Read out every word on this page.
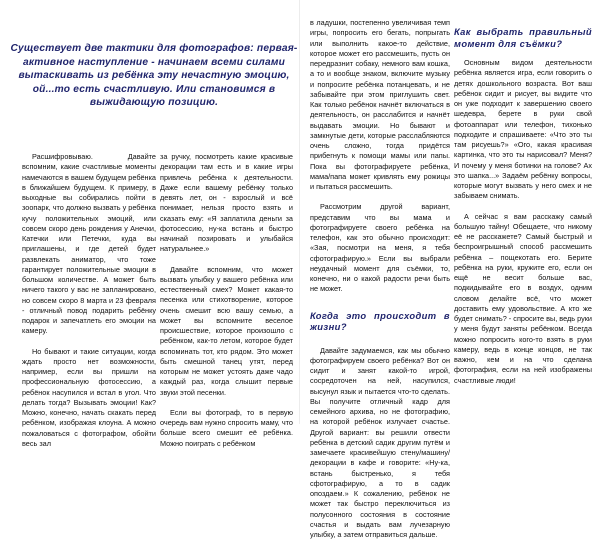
Существует две тактики для фотографов: первая- активное наступление - начинаем всеми силами вытаскивать из ребёнка эту нечастную эмоцию, ой...то есть счастливую. Или становимся в выжидающую позицию.

Расшифровываю. Давайте вспомним, какие счастливые моменты намечаются в вашем будущем ребёнка в ближайшем будущем. К примеру, в выходные вы собирались пойти в зоопарк, что должно вызвать у ребёнка кучу положительных эмоций, или совсем скоро день рождения у Анечки, Катечки или Петечки, куда вы приглашены, и где детей будет развлекать аниматор, что тоже гарантирует положительные эмоции в большом количестве. А может быть ничего такого у вас не запланировано, но совсем скоро 8 марта и 23 февраля - отличный повод подарить ребёнку подарок и запечатлеть его эмоции на камеру.

Но бывают и такие ситуации, когда ждать просто нет возможности, например, если вы пришли на профессиональную фотосессию, а ребёнок насупился и встал в угол. Что делать тогда? Вызывать эмоции! Как? Можно, конечно, начать скакать перед ребёнком, изображая клоуна. А можно пожаловаться с фотографом, обойти весь зал

за ручку, посмотреть какие красивые декорации там есть и в какие игры привлечь ребёнка к деятельности. Даже если вашему ребёнку только девять лет, он - взрослый и всё понимает, нельзя просто взять и сказать ему: «Я заплатила деньги за фотосессию, ну-ка встань и быстро начинай позировать и улыбайся натуральнее.»

Давайте вспомним, что может вызвать улыбку у вашего ребёнка или естественный смех? Может какая-то песенка или стихотворение, которое очень смешит всю вашу семью, а может вы вспомните веселое происшествие, которое произошло с ребёнком, как-то летом, которое будет вспоминать тот, кто рядом. Это может быть смешной танец утят, перед которым не может устоять даже чадо каждый раз, когда слышит первые звуки этой песенки.

Если вы фотограф, то в первую очередь вам нужно спросить маму, что больше всего смешит её ребёнка. Можно поиграть с ребёнком

в ладушки, постепенно увеличивая темп игры, попросить его бегать, попрыгать или выполнить какое-то действие, которое может его рассмешить, пусть он передразнит собаку, немного вам кошка, а то и вообще знаком, включите музыку и попросите ребёнка потанцевать, и не забывайте при этом приглушить свет. Как только ребёнок начнёт включаться в деятельность, он расслабится и начнёт выдавать эмоции. Но бывают и замкнутые дети, которые расслабляются очень сложно, тогда придётся прибегнуть к помощи мамы или папы. Пока вы фотографируете ребёнка, мама/папа может кривлять ему рожицы и пытаться рассмешить.

Рассмотрим другой вариант, представим что вы мама и фотографируете своего ребёнка на телефон, как это обычно происходит: «Зая, посмотри на меня, я тебя сфотографирую.» Если вы выбрали неудачный момент для съёмки, то, конечно, ни о какой радости речи быть не может.

Когда это происходит в жизни?

Давайте задумаемся, как мы обычно фотографируем своего ребёнка? Вот он сидит и занят какой-то игрой, сосредоточен на ней, насупился, высунул язык и пытается что-то сделать. Вы получите отличный кадр для семейного архива, но не фотографию, на которой ребёнок излучает счастье. Другой вариант: вы решили отвести ребёнка в детский садик другим путём и замечаете красивейшую стену/машину/декорации в кафе и говорите: «Ну-ка, встань быстренько, я тебя сфотографирую, а то в садик опоздаем.» К сожалению, ребёнок не может так быстро переключиться из полусонного состояния в состояние счастья и выдать вам лучезарную улыбку, а затем отправиться дальше.

Как выбрать правильный момент для съёмки?

Основным видом деятельности ребёнка является игра, если говорить о детях дошкольного возраста. Вот ваш ребёнок сидит и рисует, вы видите что он уже подходит к завершению своего шедевра, берете в руки свой фотоаппарат или телефон, тихонько подходите и спрашиваете: «Что это ты там рисуешь?» «Ого, какая красивая картинка, что это ты нарисовал? Меня? И почему у меня ботинки на голове? Ах это шапка...» Задаём ребёнку вопросы, которые могут вызвать у него смех и не забываем снимать.

А сейчас я вам расскажу самый большую тайну! Обещаете, что никому её не расскажете? Самый быстрый и беспроигрышный способ рассмешить ребёнка – пощекотать его. Берите ребёнка на руки, кружите его, если он ещё не весит больше вас, подкидывайте его в воздух, одним словом делайте всё, что может доставить ему удовольствие. А кто же будет снимать? - спросите вы, ведь руки у меня будут заняты ребёнком. Всегда можно попросить кого-то взять в руки камеру, ведь в конце концов, не так важно, кем и на что сделана фотография, если на ней изображены счастливые люди!
